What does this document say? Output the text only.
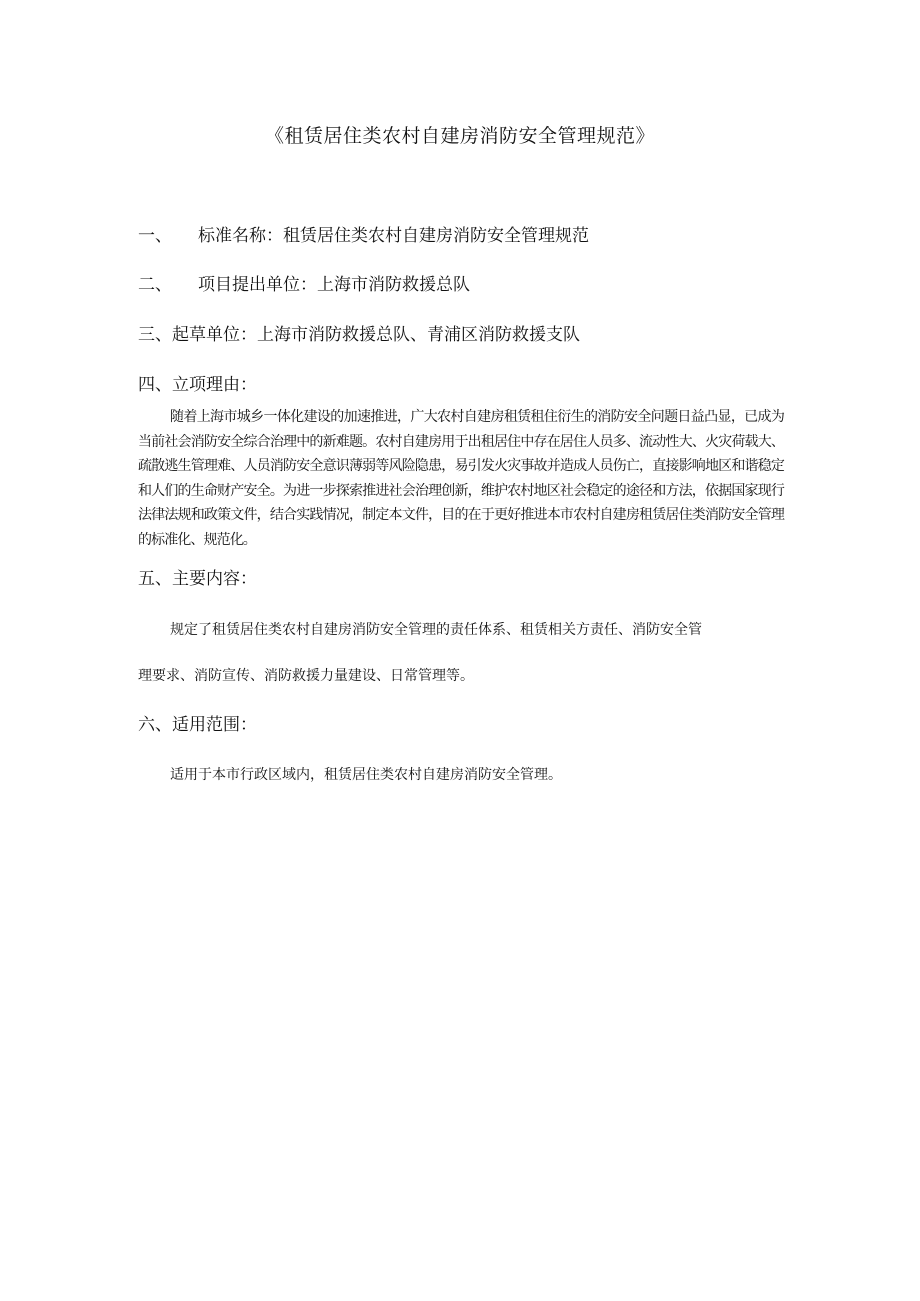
《租赁居住类农村自建房消防安全管理规范》
一、 标准名称：租赁居住类农村自建房消防安全管理规范
二、 项目提出单位：上海市消防救援总队
三、起草单位：上海市消防救援总队、青浦区消防救援支队
四、立项理由：
随着上海市城乡一体化建设的加速推进，广大农村自建房租赁租住衍生的消防安全问题日益凸显，已成为当前社会消防安全综合治理中的新难题。农村自建房用于出租居住中存在居住人员多、流动性大、火灾荷载大、疏散逃生管理难、人员消防安全意识薄弱等风险隐患，易引发火灾事故并造成人员伤亡，直接影响地区和谐稳定和人们的生命财产安全。为进一步探索推进社会治理创新，维护农村地区社会稳定的途径和方法，依据国家现行法律法规和政策文件，结合实践情况，制定本文件，目的在于更好推进本市农村自建房租赁居住类消防安全管理的标准化、规范化。
五、主要内容：
规定了租赁居住类农村自建房消防安全管理的责任体系、租赁相关方责任、消防安全管
理要求、消防宣传、消防救援力量建设、日常管理等。
六、适用范围：
适用于本市行政区域内，租赁居住类农村自建房消防安全管理。
